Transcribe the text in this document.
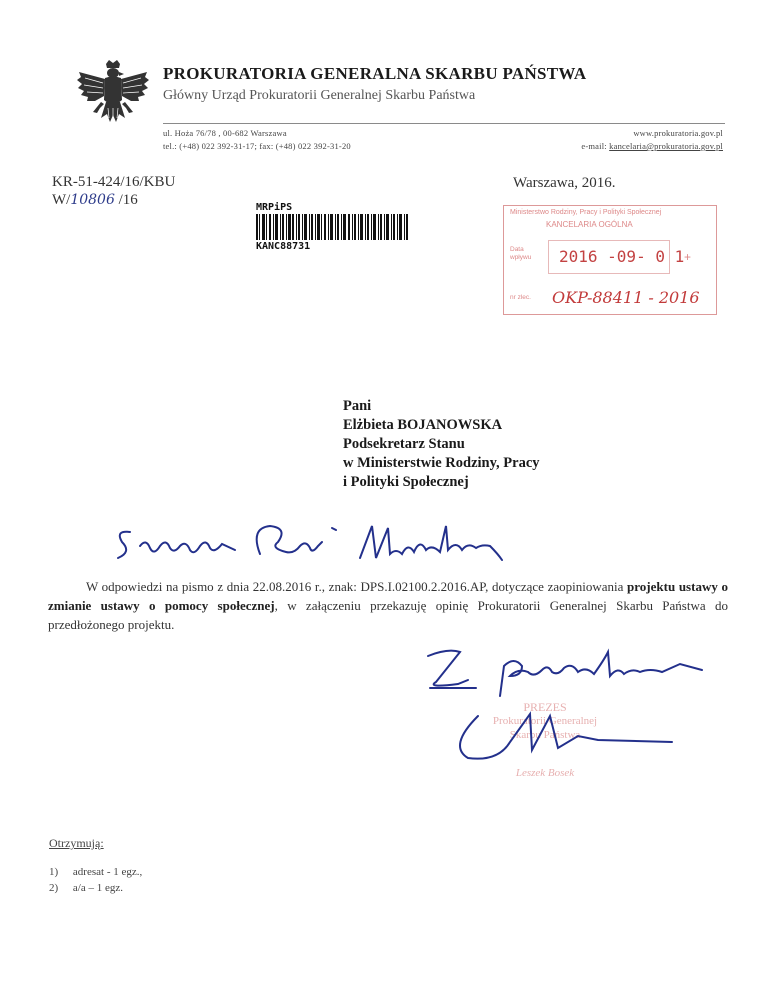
PROKURATORIA GENERALNA SKARBU PAŃSTWA
Główny Urząd Prokuratorii Generalnej Skarbu Państwa
ul. Hoża 76/78 , 00-682 Warszawa
tel.: (+48) 022 392-31-17; fax: (+48) 022 392-31-20
www.prokuratoria.gov.pl
e-mail: kancelaria@prokuratoria.gov.pl
KR-51-424/16/KBU
W/10806 /16
Warszawa, 2016.
MRPiPS
KANC88731
Ministerstwo Rodziny, Pracy i Polityki Społecznej
KANCELARIA OGÓLNA
Data wpływu	2016 -09- 0 1 +
nr zlec. OKP-88411 - 2016
Pani
Elżbieta BOJANOWSKA
Podsekretarz Stanu
w Ministerstwie Rodziny, Pracy
i Polityki Społecznej
W odpowiedzi na pismo z dnia 22.08.2016 r., znak: DPS.I.02100.2.2016.AP, dotyczące zaopiniowania projektu ustawy o zmianie ustawy o pomocy społecznej, w załączeniu przekazuję opinię Prokuratorii Generalnej Skarbu Państwa do przedłożonego projektu.
PREZES
Prokuratorii Generalnej
Skarbu Państwa
Leszek Bosek
Otrzymują:
1) adresat - 1 egz.,
2) a/a – 1 egz.
